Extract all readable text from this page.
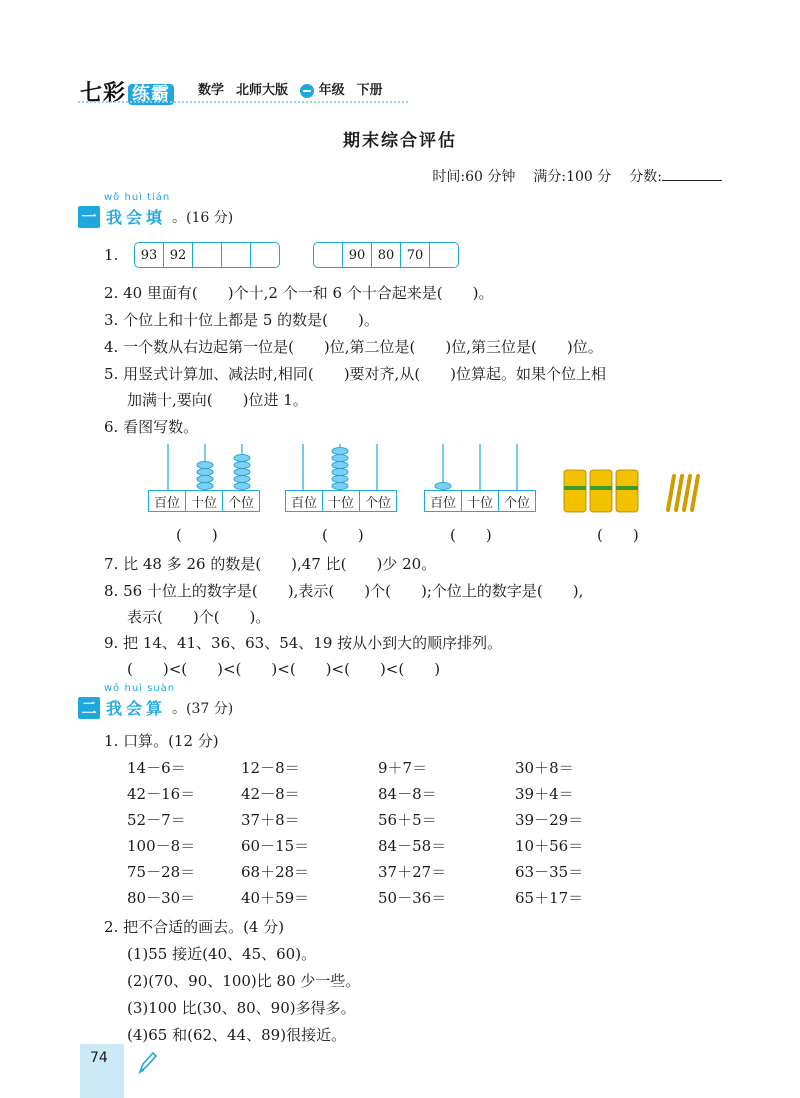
七彩 练霸	数学 北师大版	年级 下册
期末综合评估
时间:60 分钟 满分:100 分 分数:
wǒ huì tián
一 我会填 。(16 分)
1.	93 92	90 80 70
2. 40 里面有(　　)个十,2 个一和 6 个十合起来是(　　)。
3. 个位上和十位上都是 5 的数是(　　)。
4. 一个数从右边起第一位是(　　)位,第二位是(　　)位,第三位是(　　)位。
5. 用竖式计算加、减法时,相同(　　)要对齐,从(　　)位算起。如果个位上相
加满十,要向(　　)位进 1。
6. 看图写数。
百位 十位 个位	百位 十位 个位	百位 十位 个位
(　　)	(　　)	(　　)	(　　)
7. 比 48 多 26 的数是(　　),47 比(　　)少 20。
8. 56 十位上的数字是(　　),表示(　　)个(　　);个位上的数字是(　　),
表示(　　)个(　　)。
9. 把 14、41、36、63、54、19 按从小到大的顺序排列。
(　　)<(　　)<(　　)<(　　)<(　　)<(　　)
wǒ huì suàn
二 我会算 。(37 分)
1. 口算。(12 分)
14－6＝	12－8＝	9＋7＝	30＋8＝
42－16＝	42－8＝	84－8＝	39＋4＝
52－7＝	37＋8＝	56＋5＝	39－29＝
100－8＝	60－15＝	84－58＝	10＋56＝
75－28＝	68＋28＝	37＋27＝	63－35＝
80－30＝	40＋59＝	50－36＝	65＋17＝
2. 把不合适的画去。(4 分)
(1)55 接近(40、45、60)。
(2)(70、90、100)比 80 少一些。
(3)100 比(30、80、90)多得多。
(4)65 和(62、44、89)很接近。
74
